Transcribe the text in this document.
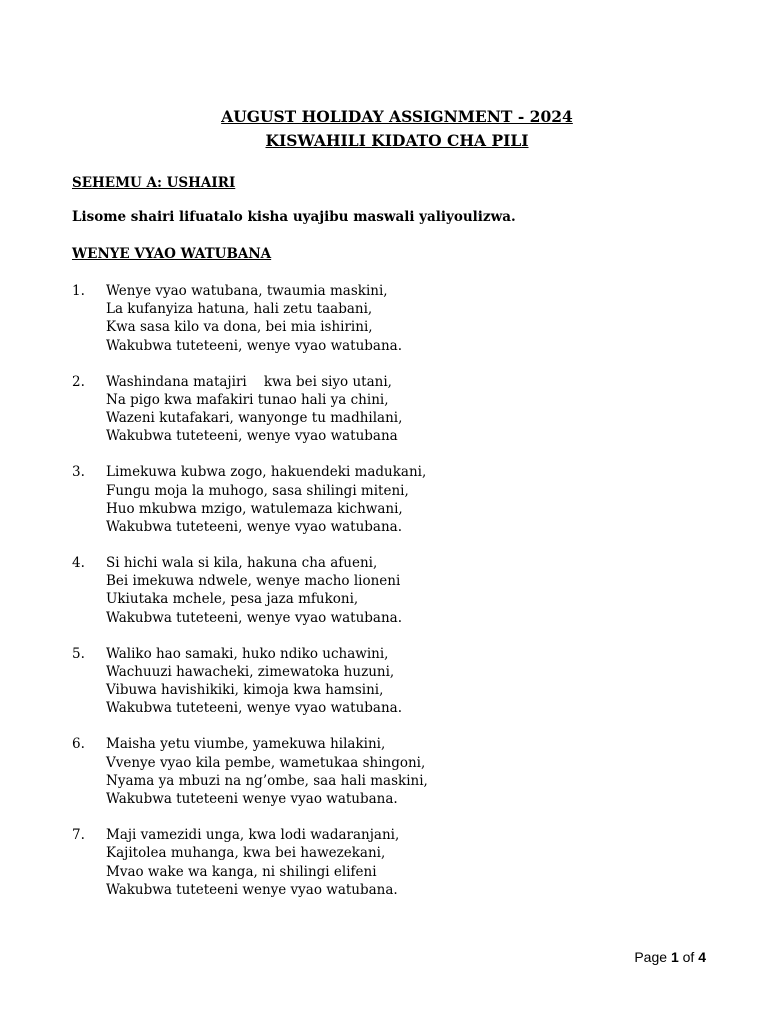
AUGUST HOLIDAY ASSIGNMENT - 2024
KISWAHILI KIDATO CHA PILI
SEHEMU A: USHAIRI
Lisome shairi lifuatalo kisha uyajibu maswali yaliyoulizwa.
WENYE VYAO WATUBANA
1. Wenye vyao watubana, twaumia maskini,
La kufanyiza hatuna, hali zetu taabani,
Kwa sasa kilo va dona, bei mia ishirini,
Wakubwa tuteteeni, wenye vyao watubana.
2. Washindana matajiri    kwa bei siyo utani,
Na pigo kwa mafakiri tunao hali ya chini,
Wazeni kutafakari, wanyonge tu madhilani,
Wakubwa tuteteeni, wenye vyao watubana
3. Limekuwa kubwa zogo, hakuendeki madukani,
Fungu moja la muhogo, sasa shilingi miteni,
Huo mkubwa mzigo, watulemaza kichwani,
Wakubwa tuteteeni, wenye vyao watubana.
4. Si hichi wala si kila, hakuna cha afueni,
Bei imekuwa ndwele, wenye macho lioneni
Ukiutaka mchele, pesa jaza mfukoni,
Wakubwa tuteteeni, wenye vyao watubana.
5. Waliko hao samaki, huko ndiko uchawini,
Wachuuzi hawacheki, zimewatoka huzuni,
Vibuwa havishikiki, kimoja kwa hamsini,
Wakubwa tuteteeni, wenye vyao watubana.
6. Maisha yetu viumbe, yamekuwa hilakini,
Vvenye vyao kila pembe, wametukaa shingoni,
Nyama ya mbuzi na ng’ombe, saa hali maskini,
Wakubwa tuteteeni wenye vyao watubana.
7. Maji vamezidi unga, kwa lodi wadaranjani,
Kajitolea muhanga, kwa bei hawezekani,
Mvao wake wa kanga, ni shilingi elifeni
Wakubwa tuteteeni wenye vyao watubana.
Page 1 of 4
